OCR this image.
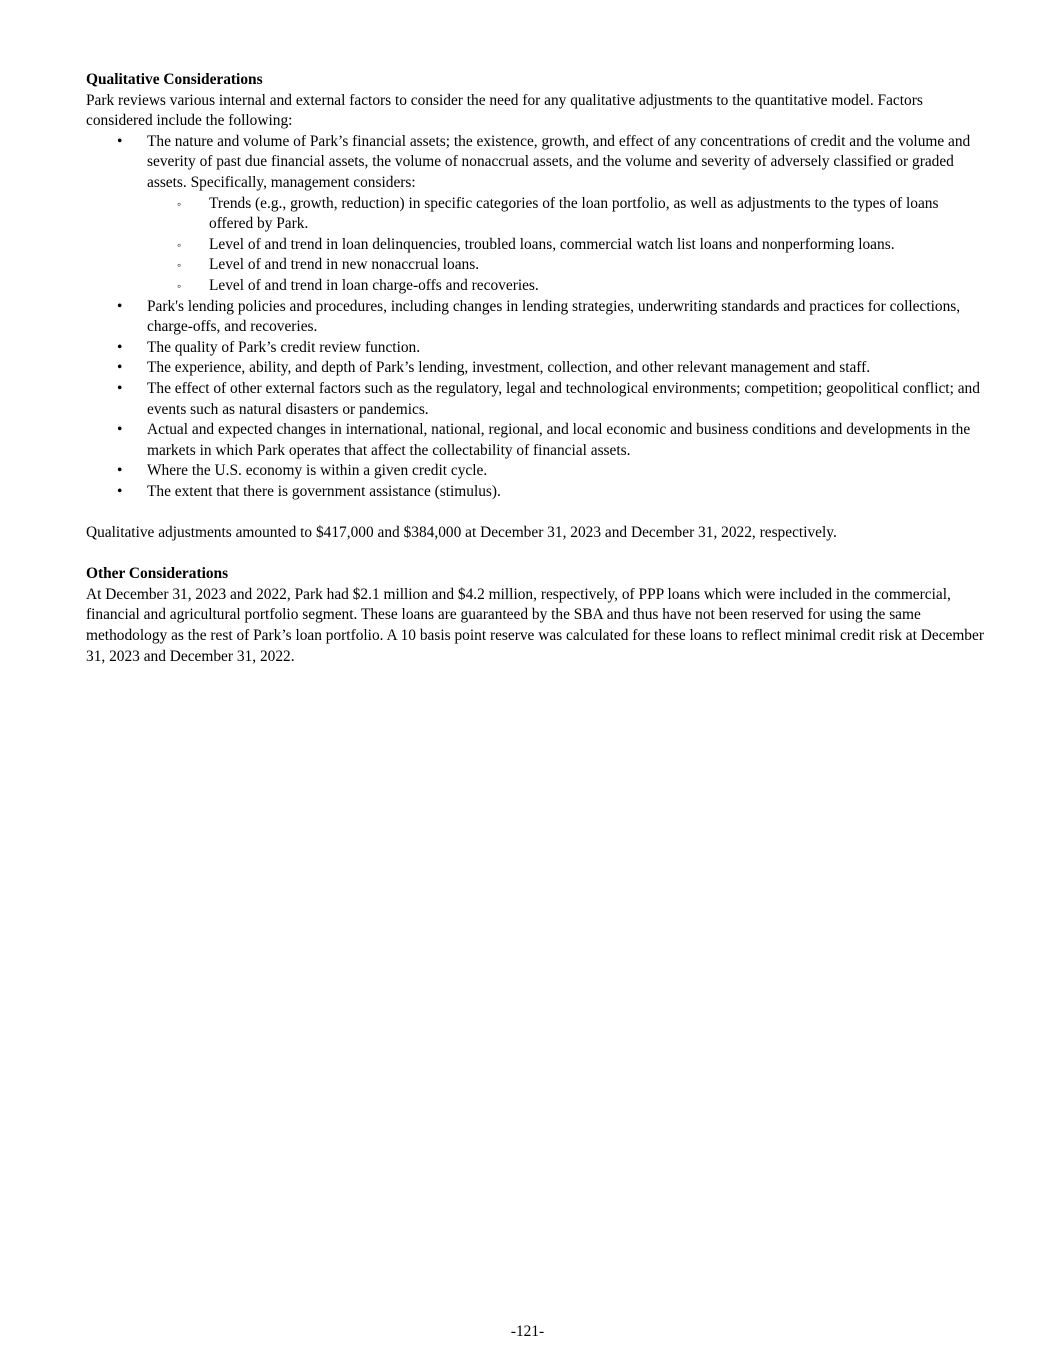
Qualitative Considerations

Park reviews various internal and external factors to consider the need for any qualitative adjustments to the quantitative model. Factors considered include the following:

• The nature and volume of Park’s financial assets; the existence, growth, and effect of any concentrations of credit and the volume and severity of past due financial assets, the volume of nonaccrual assets, and the volume and severity of adversely classified or graded assets. Specifically, management considers:
◦ Trends (e.g., growth, reduction) in specific categories of the loan portfolio, as well as adjustments to the types of loans offered by Park.
◦ Level of and trend in loan delinquencies, troubled loans, commercial watch list loans and nonperforming loans.
◦ Level of and trend in new nonaccrual loans.
◦ Level of and trend in loan charge-offs and recoveries.
• Park's lending policies and procedures, including changes in lending strategies, underwriting standards and practices for collections, charge-offs, and recoveries.
• The quality of Park’s credit review function.
• The experience, ability, and depth of Park’s lending, investment, collection, and other relevant management and staff.
• The effect of other external factors such as the regulatory, legal and technological environments; competition; geopolitical conflict; and events such as natural disasters or pandemics.
• Actual and expected changes in international, national, regional, and local economic and business conditions and developments in the markets in which Park operates that affect the collectability of financial assets.
• Where the U.S. economy is within a given credit cycle.
• The extent that there is government assistance (stimulus).

Qualitative adjustments amounted to $417,000 and $384,000 at December 31, 2023 and December 31, 2022, respectively.

Other Considerations

At December 31, 2023 and 2022, Park had $2.1 million and $4.2 million, respectively, of PPP loans which were included in the commercial, financial and agricultural portfolio segment. These loans are guaranteed by the SBA and thus have not been reserved for using the same methodology as the rest of Park’s loan portfolio. A 10 basis point reserve was calculated for these loans to reflect minimal credit risk at December 31, 2023 and December 31, 2022.

-121-
